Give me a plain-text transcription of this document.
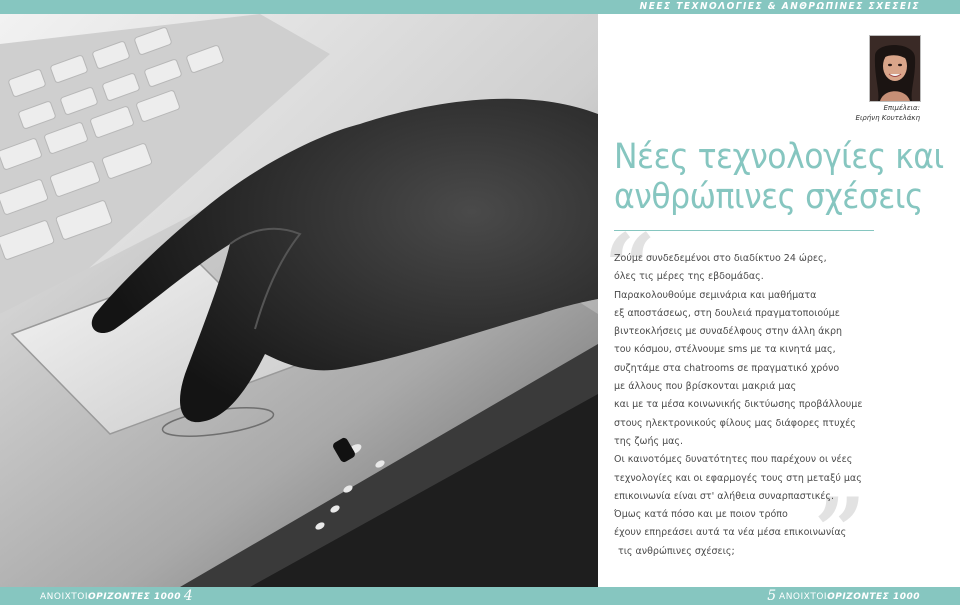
ΝΕΕΣ ΤΕΧΝΟΛΟΓΙΕΣ & ΑΝΘΡΩΠΙΝΕΣ ΣΧΕΣΕΙΣ
Επιμέλεια:
Ειρήνη Κουτελάκη
Νέες τεχνολογίες και
ανθρώπινες σχέσεις
“
”
Ζούμε συνδεδεμένοι στο διαδίκτυο 24 ώρες,
όλες τις μέρες της εβδομάδας.
Παρακολουθούμε σεμινάρια και μαθήματα
εξ αποστάσεως, στη δουλειά πραγματοποιούμε
βιντεοκλήσεις με συναδέλφους στην άλλη άκρη
του κόσμου, στέλνουμε sms με τα κινητά μας,
συζητάμε στα chatrooms σε πραγματικό χρόνο
με άλλους που βρίσκονται μακριά μας
και με τα μέσα κοινωνικής δικτύωσης προβάλλουμε
στους ηλεκτρονικούς φίλους μας διάφορες πτυχές
της ζωής μας.
Οι καινοτόμες δυνατότητες που παρέχουν οι νέες
τεχνολογίες και οι εφαρμογές τους στη μεταξύ μας
επικοινωνία είναι στ' αλήθεια συναρπαστικές.
Όμως κατά πόσο και με ποιον τρόπο
έχουν επηρεάσει αυτά τα νέα μέσα επικοινωνίας
τις ανθρώπινες σχέσεις;
ΑΝΟΙΧΤΟΙΟΡΙΖΟΝΤΕΣ 1000 4	5 ΑΝΟΙΧΤΟΙΟΡΙΖΟΝΤΕΣ 1000
